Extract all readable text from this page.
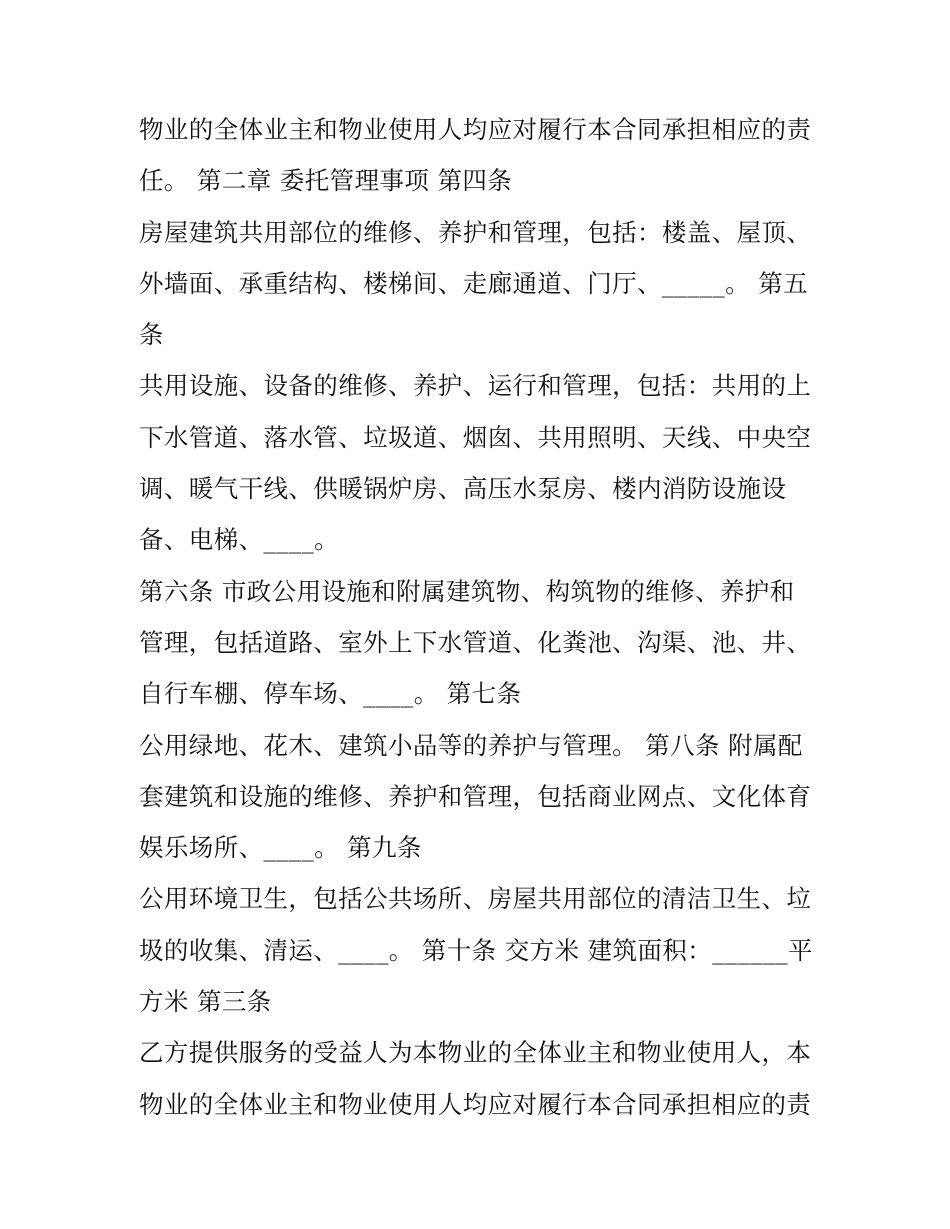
物业的全体业主和物业使用人均应对履行本合同承担相应的责
任。 第二章 委托管理事项 第四条
房屋建筑共用部位的维修、养护和管理，包括：楼盖、屋顶、
外墙面、承重结构、楼梯间、走廊通道、门厅、_____。 第五
条
共用设施、设备的维修、养护、运行和管理，包括：共用的上
下水管道、落水管、垃圾道、烟囱、共用照明、天线、中央空
调、暖气干线、供暖锅炉房、高压水泵房、楼内消防设施设
备、电梯、____。
第六条 市政公用设施和附属建筑物、构筑物的维修、养护和
管理，包括道路、室外上下水管道、化粪池、沟渠、池、井、
自行车棚、停车场、____。 第七条
公用绿地、花木、建筑小品等的养护与管理。 第八条 附属配
套建筑和设施的维修、养护和管理，包括商业网点、文化体育
娱乐场所、____。 第九条
公用环境卫生，包括公共场所、房屋共用部位的清洁卫生、垃
圾的收集、清运、____。 第十条 交方米 建筑面积：______平
方米 第三条
乙方提供服务的受益人为本物业的全体业主和物业使用人，本
物业的全体业主和物业使用人均应对履行本合同承担相应的责
